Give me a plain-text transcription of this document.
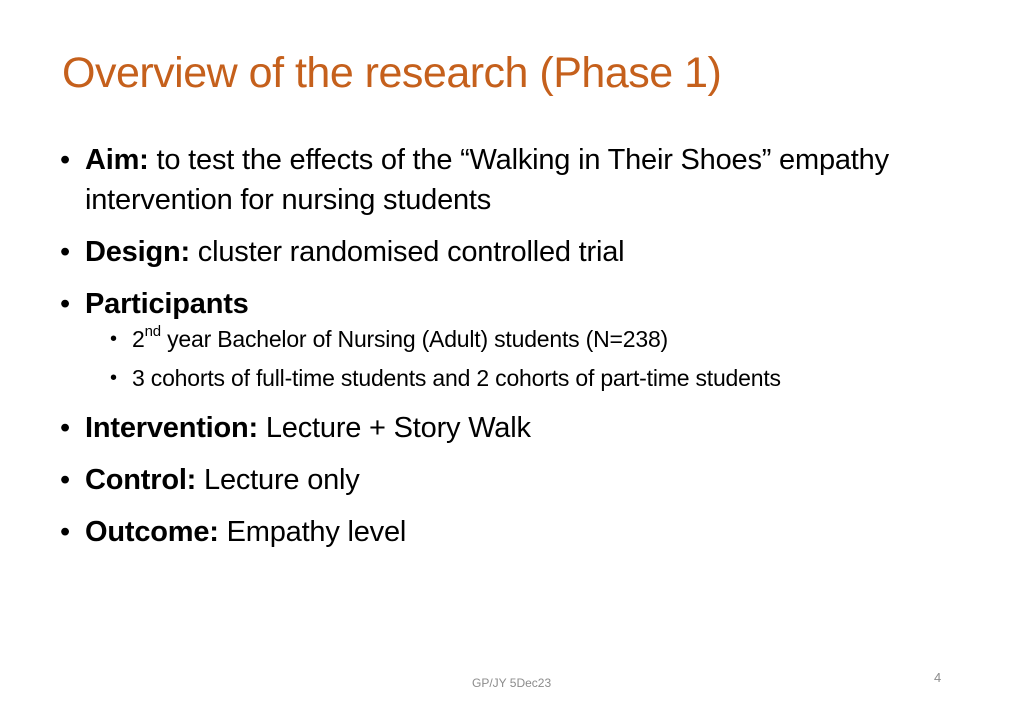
Overview of the research (Phase 1)
• Aim: to test the effects of the “Walking in Their Shoes” empathy intervention for nursing students
• Design: cluster randomised controlled trial
• Participants
• 2nd year Bachelor of Nursing (Adult) students (N=238)
• 3 cohorts of full-time students and 2 cohorts of part-time students
• Intervention: Lecture + Story Walk
• Control: Lecture only
• Outcome: Empathy level
GP/JY 5Dec23	4
